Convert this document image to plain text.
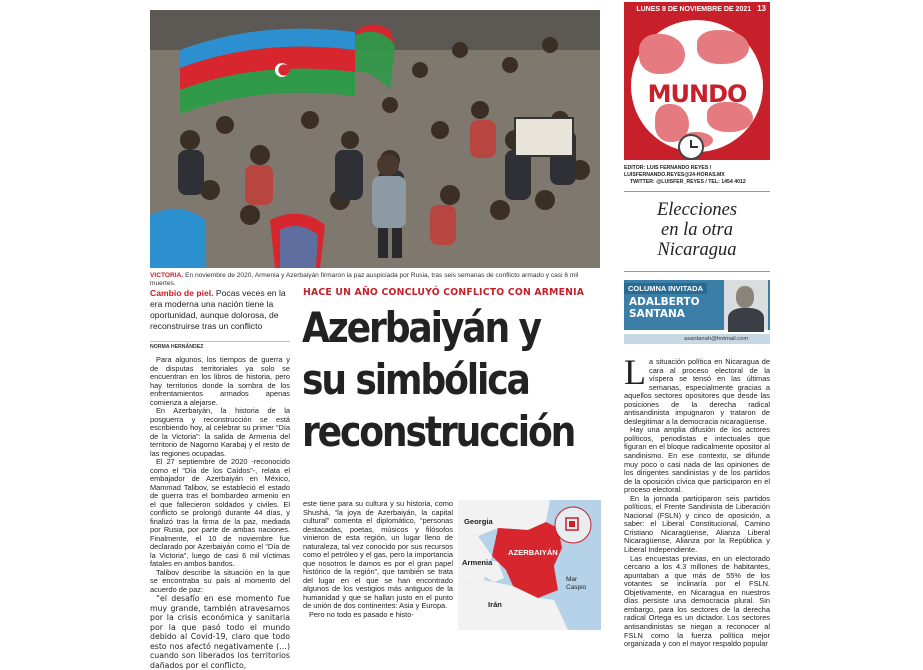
VICTORIA. En noviembre de 2020, Armenia y Azerbaiyán firmaron la paz auspiciada por Rusia, tras seis semanas de conflicto armado y casi 6 mil muertes.
LUNES 8 DE NOVIEMBRE DE 2021 13
MUNDO
EDITOR: LUIS FERNANDO REYES / LUISFERNANDO.REYES@24-HORAS.MX
TWITTER: @LUISFER_REYES / TEL: 1454 4012
Elecciones
en la otra
Nicaragua
COLUMNA INVITADA
ADALBERTO
SANTANA
asantanah@hotmail.com

La situación política en Nicaragua de cara al proceso electoral de la víspera se tensó en las últimas semanas, especialmente gracias a aquellos sectores opositores que desde las posiciones de la derecha radical antisandinista impugnaron y trataron de deslegitimar a la democracia nicaragüense.

Hay una amplia difusión de los actores políticos, periodistas e intectuales que figuran en el bloque radicalmente opositor al sandinismo. En ese contexto, se difunde muy poco o casi nada de las opiniones de los dirigentes sandinistas y de los partidos de la oposición cívica que participaron en el proceso electoral.

En la jornada participaron seis partidos políticos, el Frente Sandinista de Liberación Nacional (FSLN) y cinco de oposición, a saber: el Liberal Constitucional, Camino Cristiano Nicaragüense, Alianza Liberal Nicaragüense, Alianza por la República y Liberal Independiente.

Las encuestas previas, en un electorado cercano a los 4.3 millones de habitantes, apuntaban a que más de 55% de los votantes se inclinaría por el FSLN. Objetivamente, en Nicaragua en nuestros días persiste una democracia plural. Sin embargo, para los sectores de la derecha radical Ortega es un dictador. Los sectores antisandinistas se niegan a reconocer al FSLN como la fuerza política mejor organizada y con el mayor respaldo popular

Cambio de piel. Pocas veces en la era moderna una nación tiene la oportunidad, aunque dolorosa, de reconstruirse tras un conflicto
NORMA HERNÁNDEZ

Para algunos, los tiempos de guerra y de disputas territoriales ya solo se encuentran en los libros de historia, pero hay territorios donde la sombra de los enfrentamientos armados apenas comienza a alejarse.

En Azerbaiyán, la historia de la posguerra y reconstrucción se está escribiendo hoy, al celebrar su primer “Día de la Victoria”: la salida de Armenia del territorio de Nagorno Karabaj y el resto de las regiones ocupadas.

El 27 septiembre de 2020 -reconocido como el “Día de los Caídos”-, relata el embajador de Azerbaiyán en México, Mammad Talibov, se estableció el estado de guerra tras el bombardeo armenio en el que fallecieron soldados y civiles. El conflicto se prolongó durante 44 días, y finalizó tras la firma de la paz, mediada por Rusia, por parte de ambas naciones. Finalmente, el 10 de noviembre fue declarado por Azerbaiyán como el “Día de la Victoria”, luego de casi 6 mil víctimas fatales en ambos bandos.

Talibov describe la situación en la que se encontraba su país al momento del acuerdo de paz:

“el desafío en ese momento fue muy grande, también atravesamos por la crisis económica y sanitaria por la que pasó todo el mundo debido al Covid-19, claro que todo esto nos afectó negativamente (…) cuando son liberados los territorios dañados por el conflicto,

HACE UN AÑO CONCLUYÓ CONFLICTO CON ARMENIA
Azerbaiyán y
su simbólica
reconstrucción

este tiene para su cultura y su historia, como Shushá, “la joya de Azerbaiyán, la capital cultural” comenta el diplomático, “personas destacadas, poetas, músicos y filósofos vinieron de esta región, un lugar lleno de naturaleza, tal vez conocido por sus recursos como el petróleo y el gas, pero la importancia que nosotros le damos es por el gran papel histórico de la región”, que también se trata del lugar en el que se han encontrado algunos de los vestigios más antiguos de la humanidad y que se hallan justo en el punto de unión de dos continentes: Asia y Europa.

Pero no todo es pasado e histo-

Georgia
AZERBAIYÁN
Armenia
Mar Caspio
Irán
